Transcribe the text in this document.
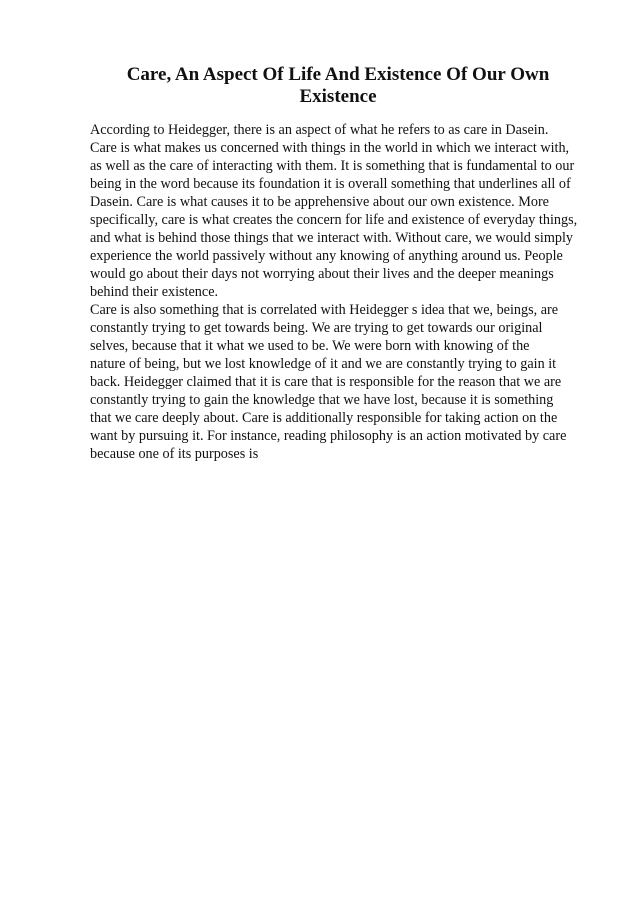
Care, An Aspect Of Life And Existence Of Our Own Existence
According to Heidegger, there is an aspect of what he refers to as care in Dasein.
Care is what makes us concerned with things in the world in which we interact with,
as well as the care of interacting with them. It is something that is fundamental to our
being in the word because its foundation it is overall something that underlines all of
Dasein. Care is what causes it to be apprehensive about our own existence. More
specifically, care is what creates the concern for life and existence of everyday things,
and what is behind those things that we interact with. Without care, we would simply
experience the world passively without any knowing of anything around us. People
would go about their days not worrying about their lives and the deeper meanings
behind their existence.
Care is also something that is correlated with Heidegger s idea that we, beings, are
constantly trying to get towards being. We are trying to get towards our original
selves, because that it what we used to be. We were born with knowing of the
nature of being, but we lost knowledge of it and we are constantly trying to gain it
back. Heidegger claimed that it is care that is responsible for the reason that we are
constantly trying to gain the knowledge that we have lost, because it is something
that we care deeply about. Care is additionally responsible for taking action on the
want by pursuing it. For instance, reading philosophy is an action motivated by care
because one of its purposes is
